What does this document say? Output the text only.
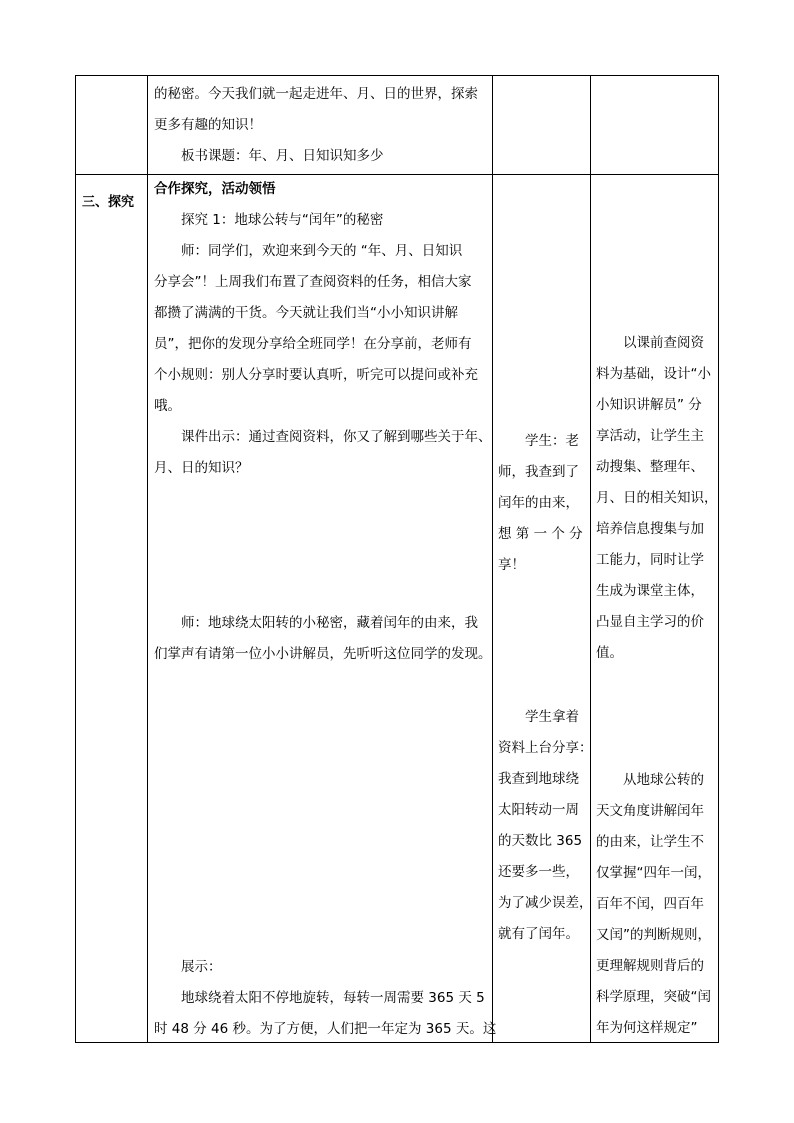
的秘密。今天我们就一起走进年、月、日的世界，探索

更多有趣的知识！

板书课题：年、月、日知识知多少

三、探究

合作探究，活动领悟

探究 1：地球公转与“闰年”的秘密

师：同学们，欢迎来到今天的 “年、月、日知识

分享会”！上周我们布置了查阅资料的任务，相信大家

都攒了满满的干货。今天就让我们当“小小知识讲解

员”，把你的发现分享给全班同学！在分享前，老师有

个小规则：别人分享时要认真听，听完可以提问或补充

哦。

课件出示：通过查阅资料，你又了解到哪些关于年、

月、日的知识？

师：地球绕太阳转的小秘密，藏着闰年的由来，我

们掌声有请第一位小小讲解员，先听听这位同学的发现。

展示：

地球绕着太阳不停地旋转，每转一周需要 365 天 5

时 48 分 46 秒。为了方便，人们把一年定为 365 天。这

学生：老

师，我查到了

闰年的由来，

想 第 一 个 分

享！

学生拿着

资料上台分享：

我查到地球绕

太阳转动一周

的天数比 365

还要多一些，

为了减少误差，

就有了闰年。

以课前查阅资

料为基础，设计“小

小知识讲解员” 分

享活动，让学生主

动搜集、整理年、

月、日的相关知识，

培养信息搜集与加

工能力，同时让学

生成为课堂主体，

凸显自主学习的价

值。

从地球公转的

天文角度讲解闰年

的由来，让学生不

仅掌握“四年一闰，

百年不闰，四百年

又闰”的判断规则，

更理解规则背后的

科学原理，突破“闰

年为何这样规定”
